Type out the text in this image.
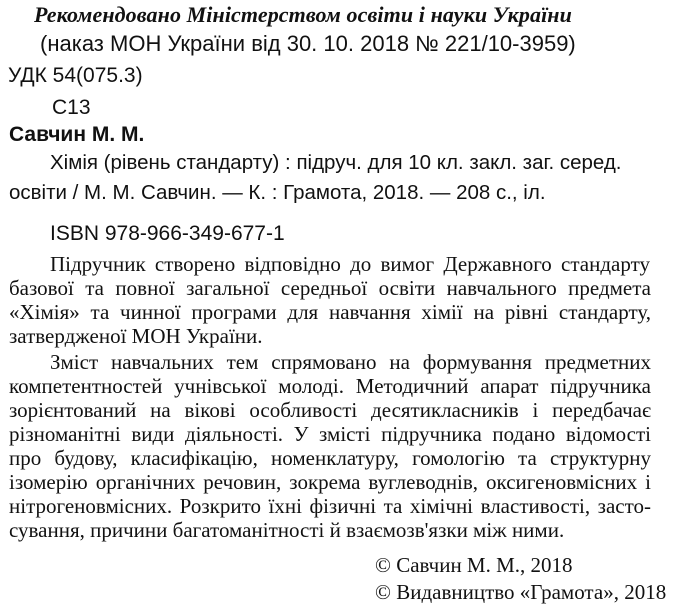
Рекомендовано Міністерством освіти і науки України
(наказ МОН України від 30. 10. 2018 № 221/10-3959)
УДК 54(075.3)
С13
Савчин М. М.
Хімія (рівень стандарту) : підруч. для 10 кл. закл. заг. серед.
освіти / М. М. Савчин. — К. : Грамота, 2018. — 208 с., іл.
ISBN 978-966-349-677-1
Підручник створено відповідно до вимог Державного стандарту
базової та повної загальної середньої освіти навчального предмета
«Хімія» та чинної програми для навчання хімії на рівні стандарту,
затвердженої МОН України.
Зміст навчальних тем спрямовано на формування предметних
компетентностей учнівської молоді. Методичний апарат підручника
зорієнтований на вікові особливості десятикласників і передбачає
різноманітні види діяльності. У змісті підручника подано відомості
про будову, класифікацію, номенклатуру, гомологію та структурну
ізомерію органічних речовин, зокрема вуглеводнів, оксигеновмісних і
нітрогеновмісних. Розкрито їхні фізичні та хімічні властивості, засто-
сування, причини багатоманітності й взаємозв'язки між ними.
© Савчин М. М., 2018
© Видавництво «Грамота», 2018
